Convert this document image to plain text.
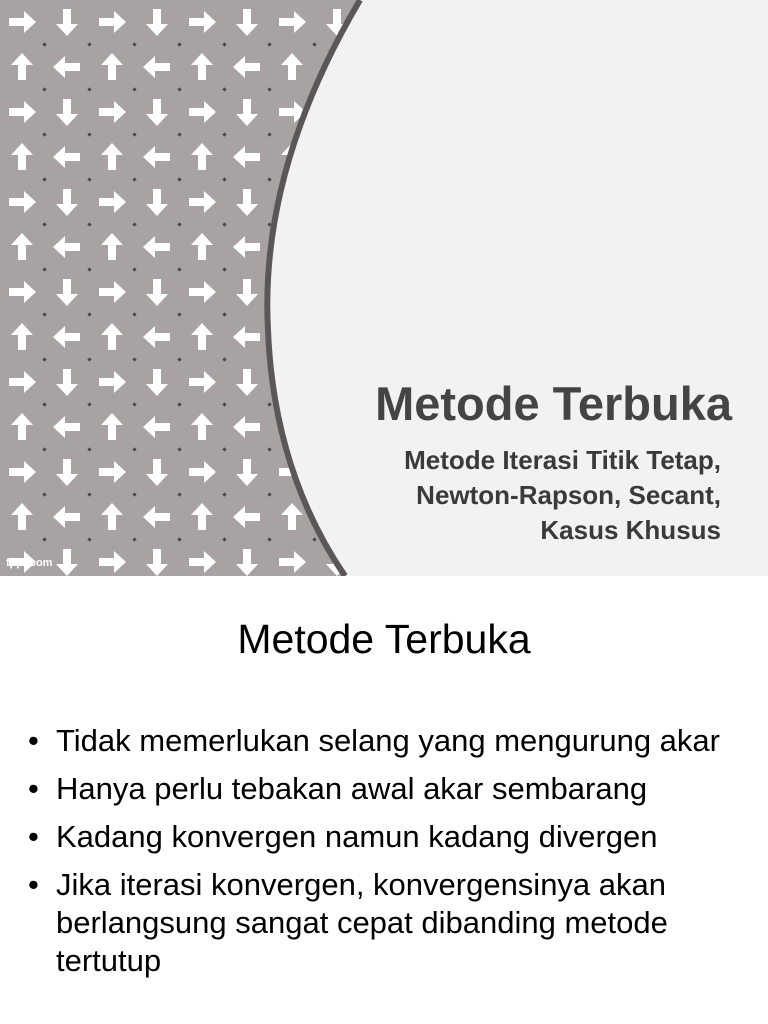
Metode Terbuka
Metode Iterasi Titik Tetap,
Newton-Rapson, Secant,
Kasus Khusus
fppt.com
Metode Terbuka
• Tidak memerlukan selang yang mengurung akar
• Hanya perlu tebakan awal akar sembarang
• Kadang konvergen namun kadang divergen
• Jika iterasi konvergen, konvergensinya akan berlangsung sangat cepat dibanding metode tertutup
